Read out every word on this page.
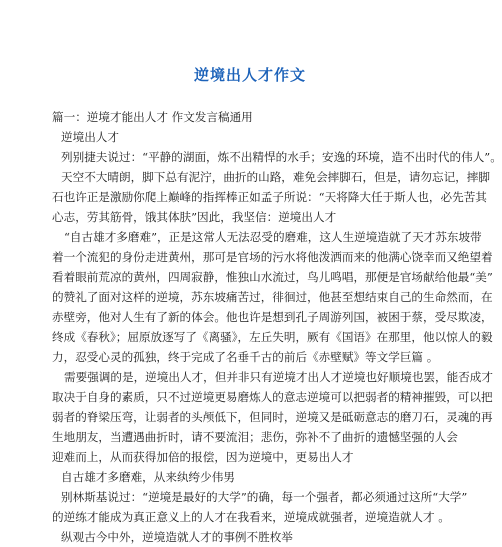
逆境出人才作文

篇一：逆境才能出人才 作文发言稿通用

逆境出人才

列别捷夫说过：“平静的湖面，炼不出精悍的水手；安逸的环境，造不出时代的伟人”。

天空不大晴朗，脚下总有泥泞，曲折的山路，难免会摔脚石，但是，请勿忘记，摔脚

石也许正是激励你爬上巅峰的指挥棒正如孟子所说：“天将降大任于斯人也，必先苦其

心志，劳其筋骨，饿其体肤”因此，我坚信：逆境出人才

“自古雄才多磨难”，正是这常人无法忍受的磨难，这人生逆境造就了天才苏东坡带

着一个流犯的身份走进黄州，那可是官场的污水将他泼洒而来的他满心饶幸而又绝望着

看着眼前荒凉的黄州，四周寂静，惟独山水流过，鸟儿鸣唱，那便是官场献给他最“美”

的赞礼了面对这样的逆境，苏东坡痛苦过，徘徊过，他甚至想结束自己的生命然而，在

赤壁旁，他对人生有了新的体会。他也许是想到孔子周游列国，被困于蔡，受尽欺凌，

终成《春秋》；屈原放逐写了《离骚》，左丘失明，厥有《国语》在那里，他以惊人的毅

力，忍受心灵的孤独，终于完成了名垂千古的前后《赤壁赋》等文学巨篇 。

需要强调的是，逆境出人才，但并非只有逆境才出人才逆境也好顺境也罢，能否成才

取决于自身的素质，只不过逆境更易磨炼人的意志逆境可以把弱者的精神摧毁，可以把

弱者的脊梁压弯，让弱者的头颅低下，但同时，逆境又是砥砺意志的磨刀石，灵魂的再

生地朋友，当遭遇曲折时，请不要流泪；悲伤，弥补不了曲折的遗憾坚强的人会

迎难而上，从而获得加倍的报偿，因为逆境中，更易出人才

自古雄才多磨难，从来纨绔少伟男

别林斯基说过：“逆境是最好的大学”的确，每一个强者，都必须通过这所“大学”

的逆练才能成为真正意义上的人才在我看来，逆境成就强者，逆境造就人才 。

纵观古今中外，逆境造就人才的事例不胜枚举
